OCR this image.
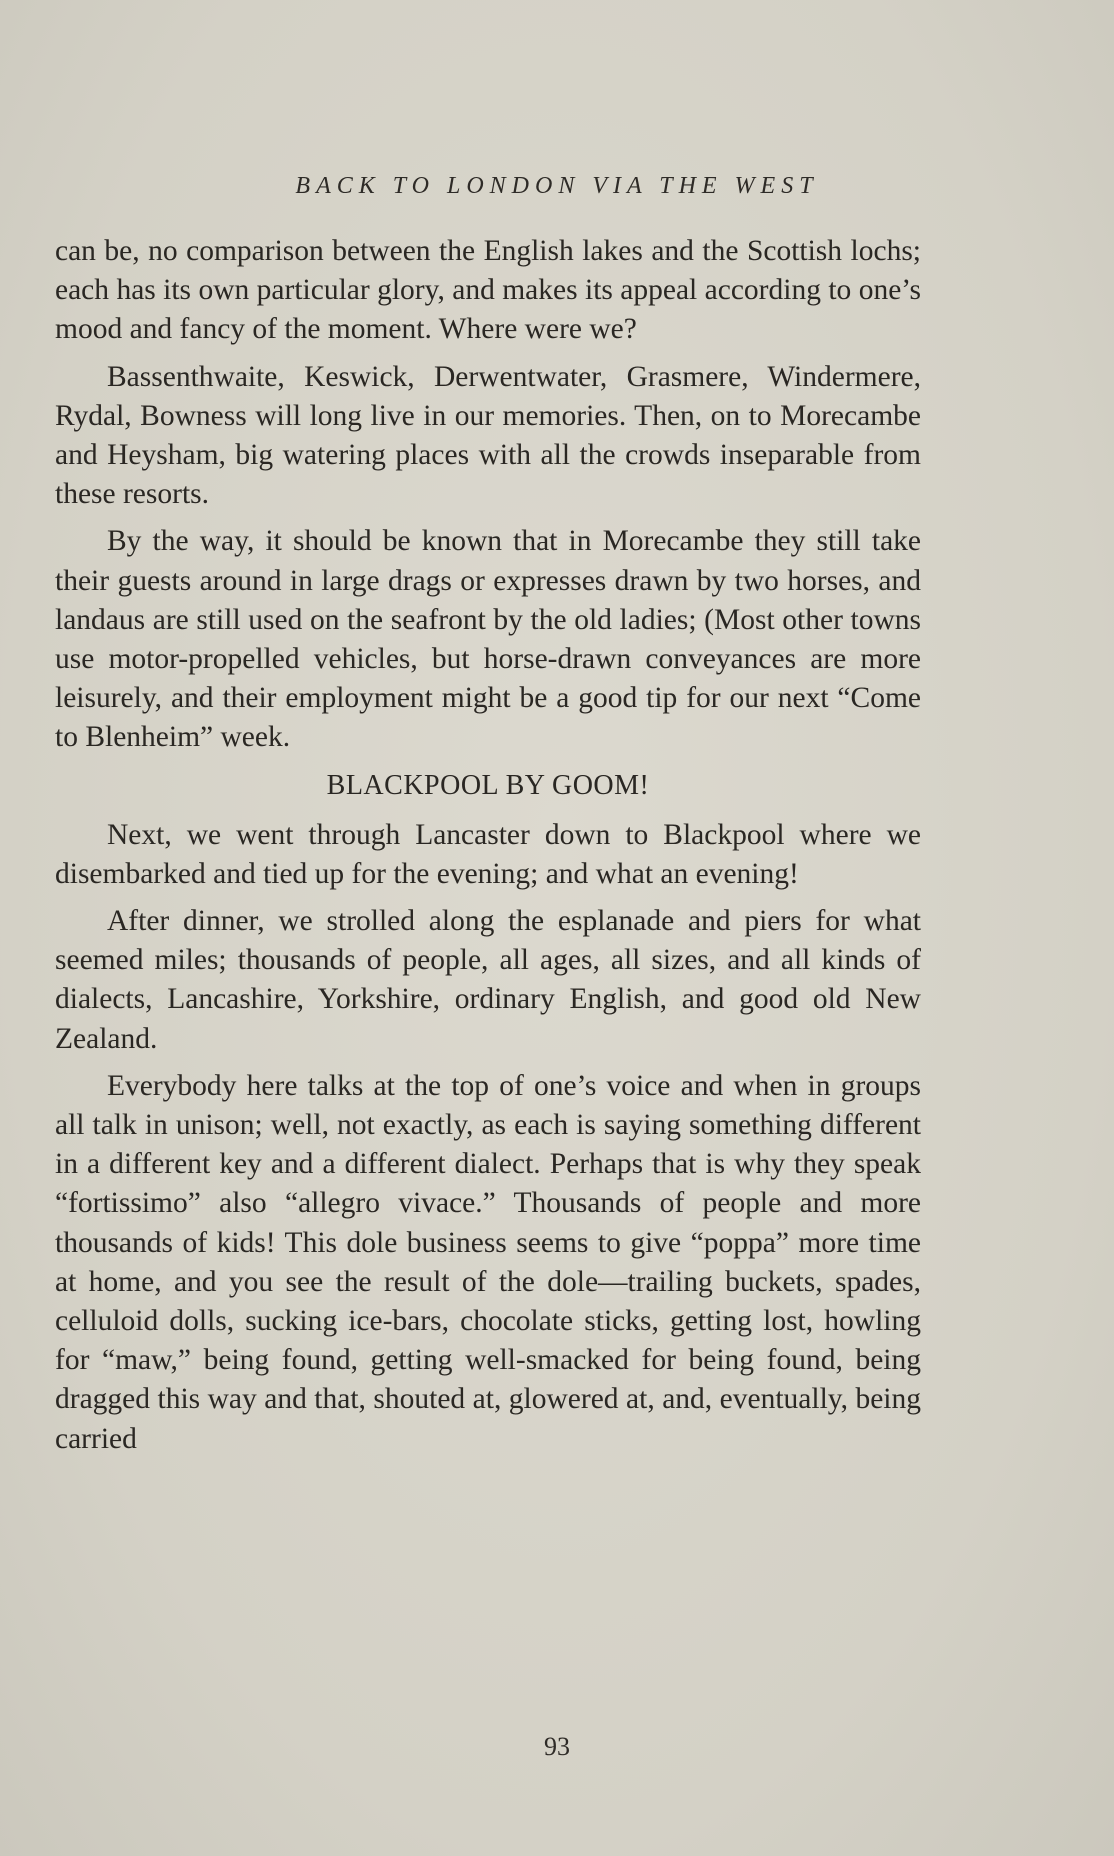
BACK TO LONDON VIA THE WEST

can be, no comparison between the English lakes and the Scottish lochs; each has its own particular glory, and makes its appeal according to one’s mood and fancy of the moment. Where were we?

Bassenthwaite, Keswick, Derwentwater, Grasmere, Windermere, Rydal, Bowness will long live in our memories. Then, on to Morecambe and Heysham, big watering places with all the crowds inseparable from these resorts.

By the way, it should be known that in Morecambe they still take their guests around in large drags or expresses drawn by two horses, and landaus are still used on the seafront by the old ladies; (Most other towns use motor-propelled vehicles, but horse-drawn conveyances are more leisurely, and their employment might be a good tip for our next “Come to Blenheim” week.

BLACKPOOL BY GOOM!

Next, we went through Lancaster down to Blackpool where we disembarked and tied up for the evening; and what an evening!

After dinner, we strolled along the esplanade and piers for what seemed miles; thousands of people, all ages, all sizes, and all kinds of dialects, Lancashire, Yorkshire, ordinary English, and good old New Zealand.

Everybody here talks at the top of one’s voice and when in groups all talk in unison; well, not exactly, as each is saying something different in a different key and a different dialect. Perhaps that is why they speak “fortissimo” also “allegro vivace.” Thousands of people and more thousands of kids! This dole business seems to give “poppa” more time at home, and you see the result of the dole—trailing buckets, spades, celluloid dolls, sucking ice-bars, chocolate sticks, getting lost, howling for “maw,” being found, getting well-smacked for being found, being dragged this way and that, shouted at, glowered at, and, eventually, being carried

93
